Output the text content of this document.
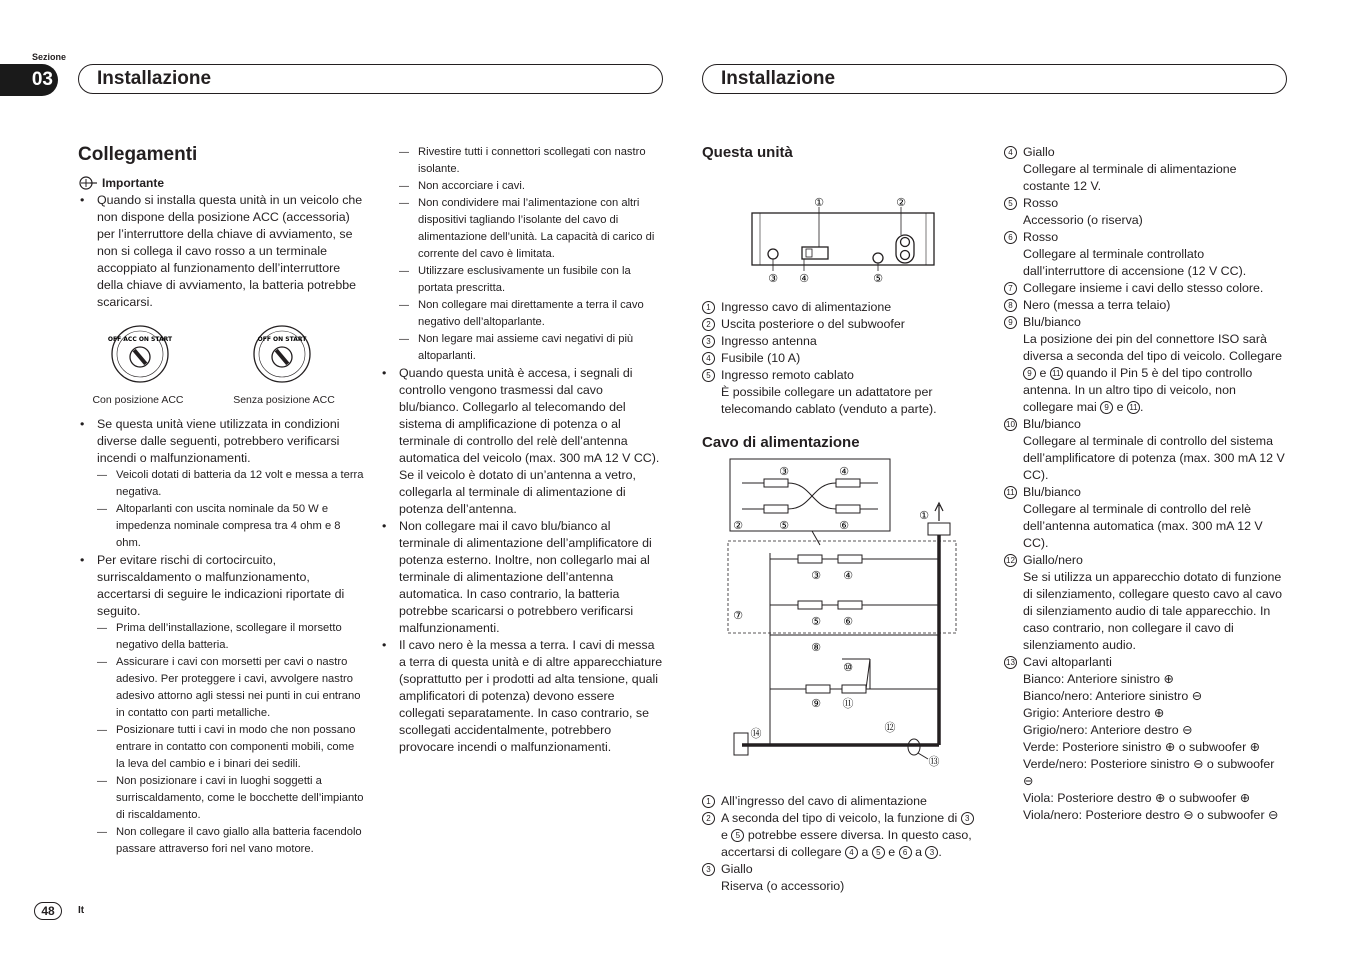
Sezione
03	Installazione	Installazione
Collegamenti
Importante
• Quando si installa questa unità in un veicolo che non dispone della posizione ACC (accessoria) per l’interruttore della chiave di avviamento, se non si collega il cavo rosso a un terminale accoppiato al funzionamento dell’interruttore della chiave di avviamento, la batteria potrebbe scaricarsi.
OFF ACC ON START
Con posizione ACC
OFF ON START
Senza posizione ACC
• Se questa unità viene utilizzata in condizioni diverse dalle seguenti, potrebbero verificarsi incendi o malfunzionamenti.
— Veicoli dotati di batteria da 12 volt e messa a terra negativa.
— Altoparlanti con uscita nominale da 50 W e impedenza nominale compresa tra 4 ohm e 8 ohm.
• Per evitare rischi di cortocircuito, surriscaldamento o malfunzionamento, accertarsi di seguire le indicazioni riportate di seguito.
— Prima dell’installazione, scollegare il morsetto negativo della batteria.
— Assicurare i cavi con morsetti per cavi o nastro adesivo. Per proteggere i cavi, avvolgere nastro adesivo attorno agli stessi nei punti in cui entrano in contatto con parti metalliche.
— Posizionare tutti i cavi in modo che non possano entrare in contatto con componenti mobili, come la leva del cambio e i binari dei sedili.
— Non posizionare i cavi in luoghi soggetti a surriscaldamento, come le bocchette dell’impianto di riscaldamento.
— Non collegare il cavo giallo alla batteria facendolo passare attraverso fori nel vano motore.
— Rivestire tutti i connettori scollegati con nastro isolante.
— Non accorciare i cavi.
— Non condividere mai l’alimentazione con altri dispositivi tagliando l’isolante del cavo di alimentazione dell’unità. La capacità di carico di corrente del cavo è limitata.
— Utilizzare esclusivamente un fusibile con la portata prescritta.
— Non collegare mai direttamente a terra il cavo negativo dell’altoparlante.
— Non legare mai assieme cavi negativi di più altoparlanti.
• Quando questa unità è accesa, i segnali di controllo vengono trasmessi dal cavo blu/bianco. Collegarlo al telecomando del sistema di amplificazione di potenza o al terminale di controllo del relè dell’antenna automatica del veicolo (max. 300 mA 12 V CC). Se il veicolo è dotato di un’antenna a vetro, collegarla al terminale di alimentazione di potenza dell’antenna.
• Non collegare mai il cavo blu/bianco al terminale di alimentazione dell’amplificatore di potenza esterno. Inoltre, non collegarlo mai al terminale di alimentazione dell’antenna automatica. In caso contrario, la batteria potrebbe scaricarsi o potrebbero verificarsi malfunzionamenti.
• Il cavo nero è la messa a terra. I cavi di messa a terra di questa unità e di altre apparecchiature (soprattutto per i prodotti ad alta tensione, quali amplificatori di potenza) devono essere collegati separatamente. In caso contrario, se scollegati accidentalmente, potrebbero provocare incendi o malfunzionamenti.
Questa unità
①	②
③ ④	⑤
1 Ingresso cavo di alimentazione
2 Uscita posteriore o del subwoofer
3 Ingresso antenna
4 Fusibile (10 A)
5 Ingresso remoto cablato
È possibile collegare un adattatore per telecomando cablato (venduto a parte).
Cavo di alimentazione
③	④
⑤	⑥
②
①
⑦
⑭
③ ④
⑤ ⑥
⑧
⑩
⑨ ⑪
⑫
⑬
1 All’ingresso del cavo di alimentazione
2 A seconda del tipo di veicolo, la funzione di 3 e 5 potrebbe essere diversa. In questo caso, accertarsi di collegare 4 a 5 e 6 a 3 .
3 Giallo
Riserva (o accessorio)
4 Giallo
Collegare al terminale di alimentazione costante 12 V.
5 Rosso
Accessorio (o riserva)
6 Rosso
Collegare al terminale controllato dall’interruttore di accensione (12 V CC).
7 Collegare insieme i cavi dello stesso colore.
8 Nero (messa a terra telaio)
9 Blu/bianco
La posizione dei pin del connettore ISO sarà diversa a seconda del tipo di veicolo. Collegare 9 e 11 quando il Pin 5 è del tipo controllo antenna. In un altro tipo di veicolo, non collegare mai 9 e 11 .
10 Blu/bianco
Collegare al terminale di controllo del sistema dell’amplificatore di potenza (max. 300 mA 12 V CC).
11 Blu/bianco
Collegare al terminale di controllo del relè dell’antenna automatica (max. 300 mA 12 V CC).
12 Giallo/nero
Se si utilizza un apparecchio dotato di funzione di silenziamento, collegare questo cavo al cavo di silenziamento audio di tale apparecchio. In caso contrario, non collegare il cavo di silenziamento audio.
13 Cavi altoparlanti
Bianco: Anteriore sinistro ⊕
Bianco/nero: Anteriore sinistro ⊖
Grigio: Anteriore destro ⊕
Grigio/nero: Anteriore destro ⊖
Verde: Posteriore sinistro ⊕ o subwoofer ⊕
Verde/nero: Posteriore sinistro ⊖ o subwoofer ⊖
Viola: Posteriore destro ⊕ o subwoofer ⊕
Viola/nero: Posteriore destro ⊖ o subwoofer ⊖
48	It
